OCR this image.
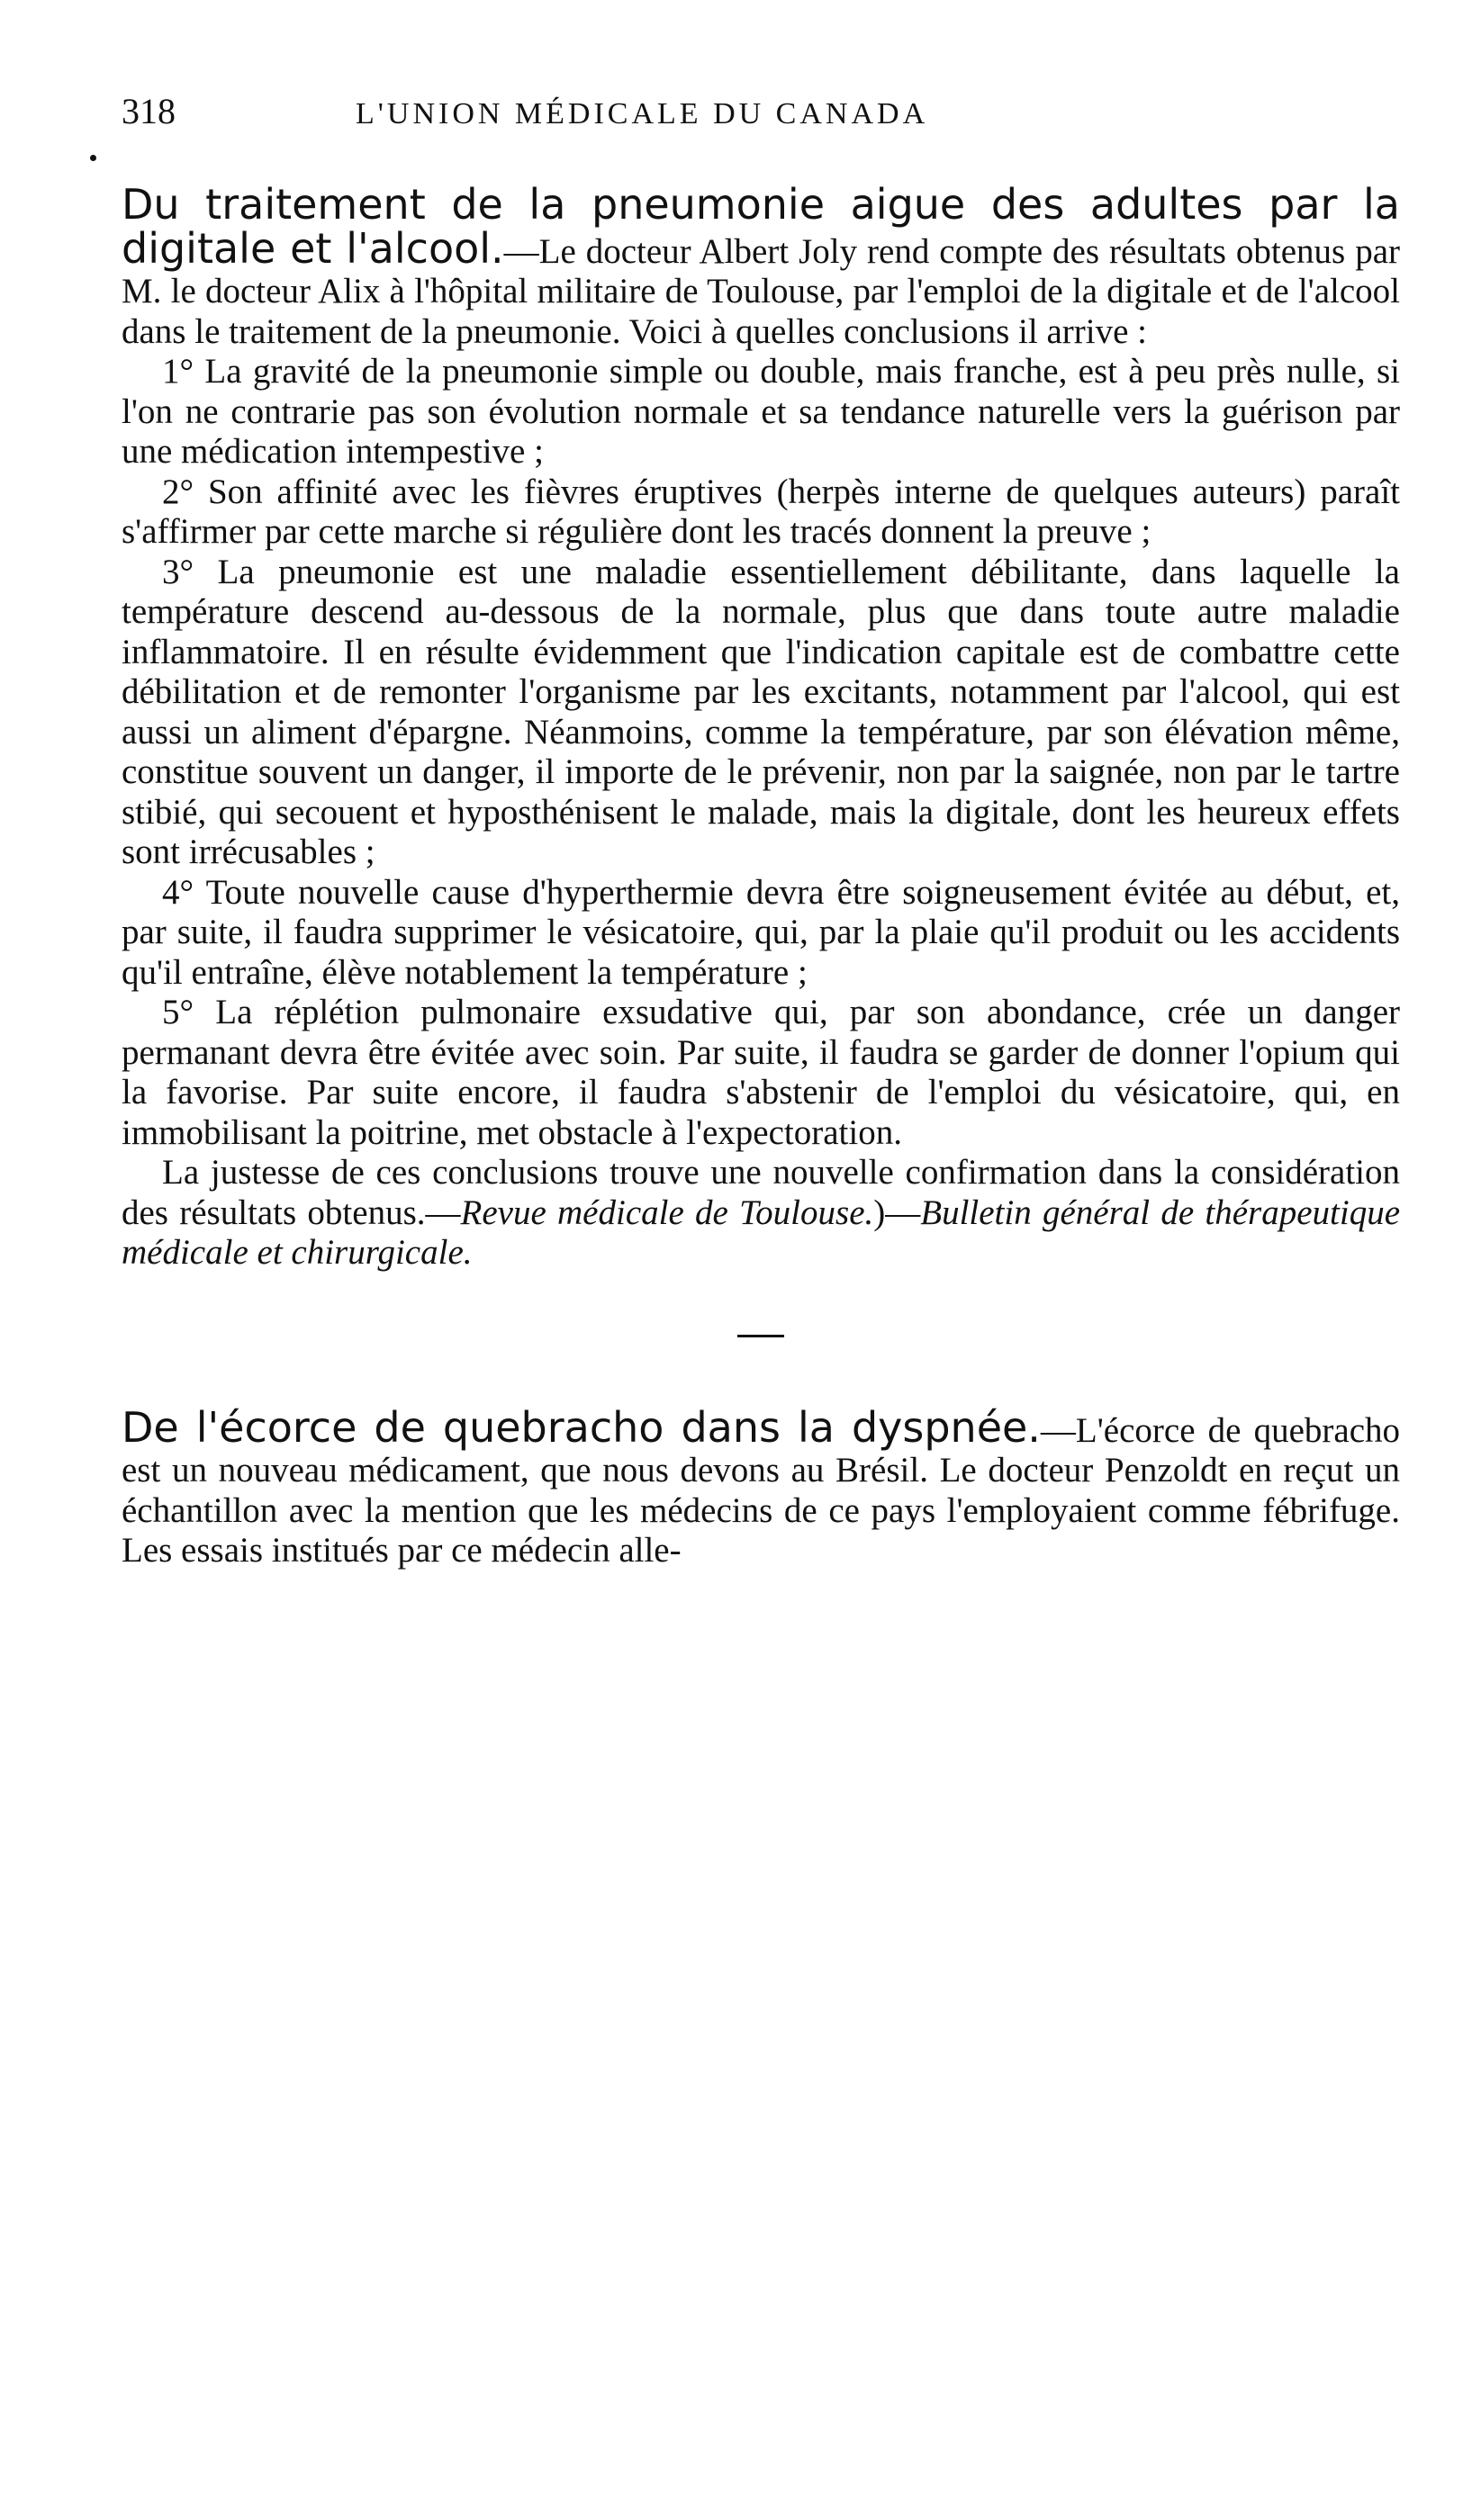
318	L'UNION MÉDICALE DU CANADA

Du traitement de la pneumonie aigue des adultes par la digitale et l'alcool.—Le docteur Albert Joly rend compte des résultats obtenus par M. le docteur Alix à l'hôpital militaire de Toulouse, par l'emploi de la digitale et de l'alcool dans le traitement de la pneumonie. Voici à quelles conclusions il arrive :

1° La gravité de la pneumonie simple ou double, mais franche, est à peu près nulle, si l'on ne contrarie pas son évolution normale et sa tendance naturelle vers la guérison par une médication intempestive ;

2° Son affinité avec les fièvres éruptives (herpès interne de quelques auteurs) paraît s'affirmer par cette marche si régulière dont les tracés donnent la preuve ;

3° La pneumonie est une maladie essentiellement débilitante, dans laquelle la température descend au-dessous de la normale, plus que dans toute autre maladie inflammatoire. Il en résulte évidemment que l'indication capitale est de combattre cette débilitation et de remonter l'organisme par les excitants, notamment par l'alcool, qui est aussi un aliment d'épargne. Néanmoins, comme la température, par son élévation même, constitue souvent un danger, il importe de le prévenir, non par la saignée, non par le tartre stibié, qui secouent et hyposthénisent le malade, mais la digitale, dont les heureux effets sont irrécusables ;

4° Toute nouvelle cause d'hyperthermie devra être soigneusement évitée au début, et, par suite, il faudra supprimer le vésicatoire, qui, par la plaie qu'il produit ou les accidents qu'il entraîne, élève notablement la température ;

5° La réplétion pulmonaire exsudative qui, par son abondance, crée un danger permanant devra être évitée avec soin. Par suite, il faudra se garder de donner l'opium qui la favorise. Par suite encore, il faudra s'abstenir de l'emploi du vésicatoire, qui, en immobilisant la poitrine, met obstacle à l'expectoration.

La justesse de ces conclusions trouve une nouvelle confirmation dans la considération des résultats obtenus.—Revue médicale de Toulouse.)—Bulletin général de thérapeutique médicale et chirurgicale.

De l'écorce de quebracho dans la dyspnée.—L'écorce de quebracho est un nouveau médicament, que nous devons au Brésil. Le docteur Penzoldt en reçut un échantillon avec la mention que les médecins de ce pays l'employaient comme fébrifuge. Les essais institués par ce médecin alle-
